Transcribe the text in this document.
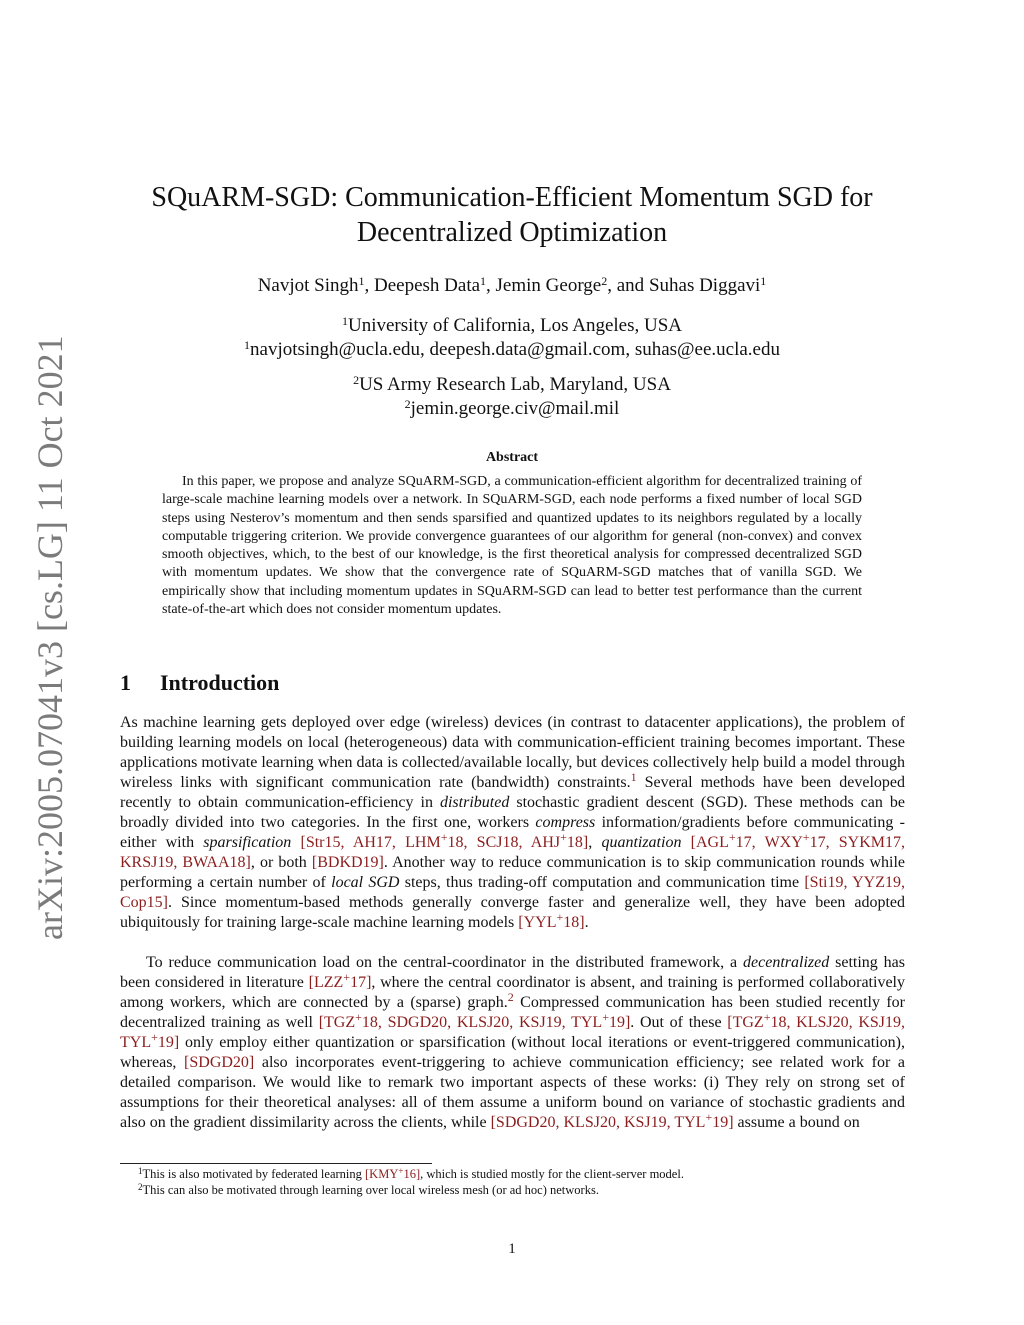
arXiv:2005.07041v3 [cs.LG] 11 Oct 2021
SQuARM-SGD: Communication-Efficient Momentum SGD for
Decentralized Optimization
Navjot Singh$^1$, Deepesh Data$^1$, Jemin George$^2$, and Suhas Diggavi$^1$
$^1$University of California, Los Angeles, USA
$^1$navjotsingh@ucla.edu, deepesh.data@gmail.com, suhas@ee.ucla.edu
$^2$US Army Research Lab, Maryland, USA
$^2$jemin.george.civ@mail.mil
Abstract

In this paper, we propose and analyze SQuARM-SGD, a communication-efficient algorithm for decentralized training of large-scale machine learning models over a network. In SQuARM-SGD, each node performs a fixed number of local SGD steps using Nesterov’s momentum and then sends sparsified and quantized updates to its neighbors regulated by a locally computable triggering criterion. We provide convergence guarantees of our algorithm for general (non-convex) and convex smooth objectives, which, to the best of our knowledge, is the first theoretical analysis for compressed decentralized SGD with momentum updates. We show that the convergence rate of SQuARM-SGD matches that of vanilla SGD. We empirically show that including momentum updates in SQuARM-SGD can lead to better test performance than the current state-of-the-art which does not consider momentum updates.

1 Introduction

As machine learning gets deployed over edge (wireless) devices (in contrast to datacenter applications), the problem of building learning models on local (heterogeneous) data with communication-efficient training becomes important. These applications motivate learning when data is collected/available locally, but devices collectively help build a model through wireless links with significant communication rate (bandwidth) constraints.$^1$ Several methods have been developed recently to obtain communication-efficiency in distributed stochastic gradient descent (SGD). These methods can be broadly divided into two categories. In the first one, workers compress information/gradients before communicating - either with sparsification [Str15, AH17, LHM+18, SCJ18, AHJ+18], quantization [AGL+17, WXY+17, SYKM17, KRSJ19, BWAA18], or both [BDKD19]. Another way to reduce communication is to skip communication rounds while performing a certain number of local SGD steps, thus trading-off computation and communication time [Sti19, YYZ19, Cop15]. Since momentum-based methods generally converge faster and generalize well, they have been adopted ubiquitously for training large-scale machine learning models [YYL+18].

To reduce communication load on the central-coordinator in the distributed framework, a decentralized setting has been considered in literature [LZZ+17], where the central coordinator is absent, and training is performed collaboratively among workers, which are connected by a (sparse) graph.$^2$ Compressed communication has been studied recently for decentralized training as well [TGZ+18, SDGD20, KLSJ20, KSJ19, TYL+19]. Out of these [TGZ+18, KLSJ20, KSJ19, TYL+19] only employ either quantization or sparsification (without local iterations or event-triggered communication), whereas, [SDGD20] also incorporates event-triggering to achieve communication efficiency; see related work for a detailed comparison. We would like to remark two important aspects of these works: (i) They rely on strong set of assumptions for their theoretical analyses: all of them assume a uniform bound on variance of stochastic gradients and also on the gradient dissimilarity across the clients, while [SDGD20, KLSJ20, KSJ19, TYL+19] assume a bound on

$^1$This is also motivated by federated learning [KMY+16], which is studied mostly for the client-server model.

$^2$This can also be motivated through learning over local wireless mesh (or ad hoc) networks.

1
